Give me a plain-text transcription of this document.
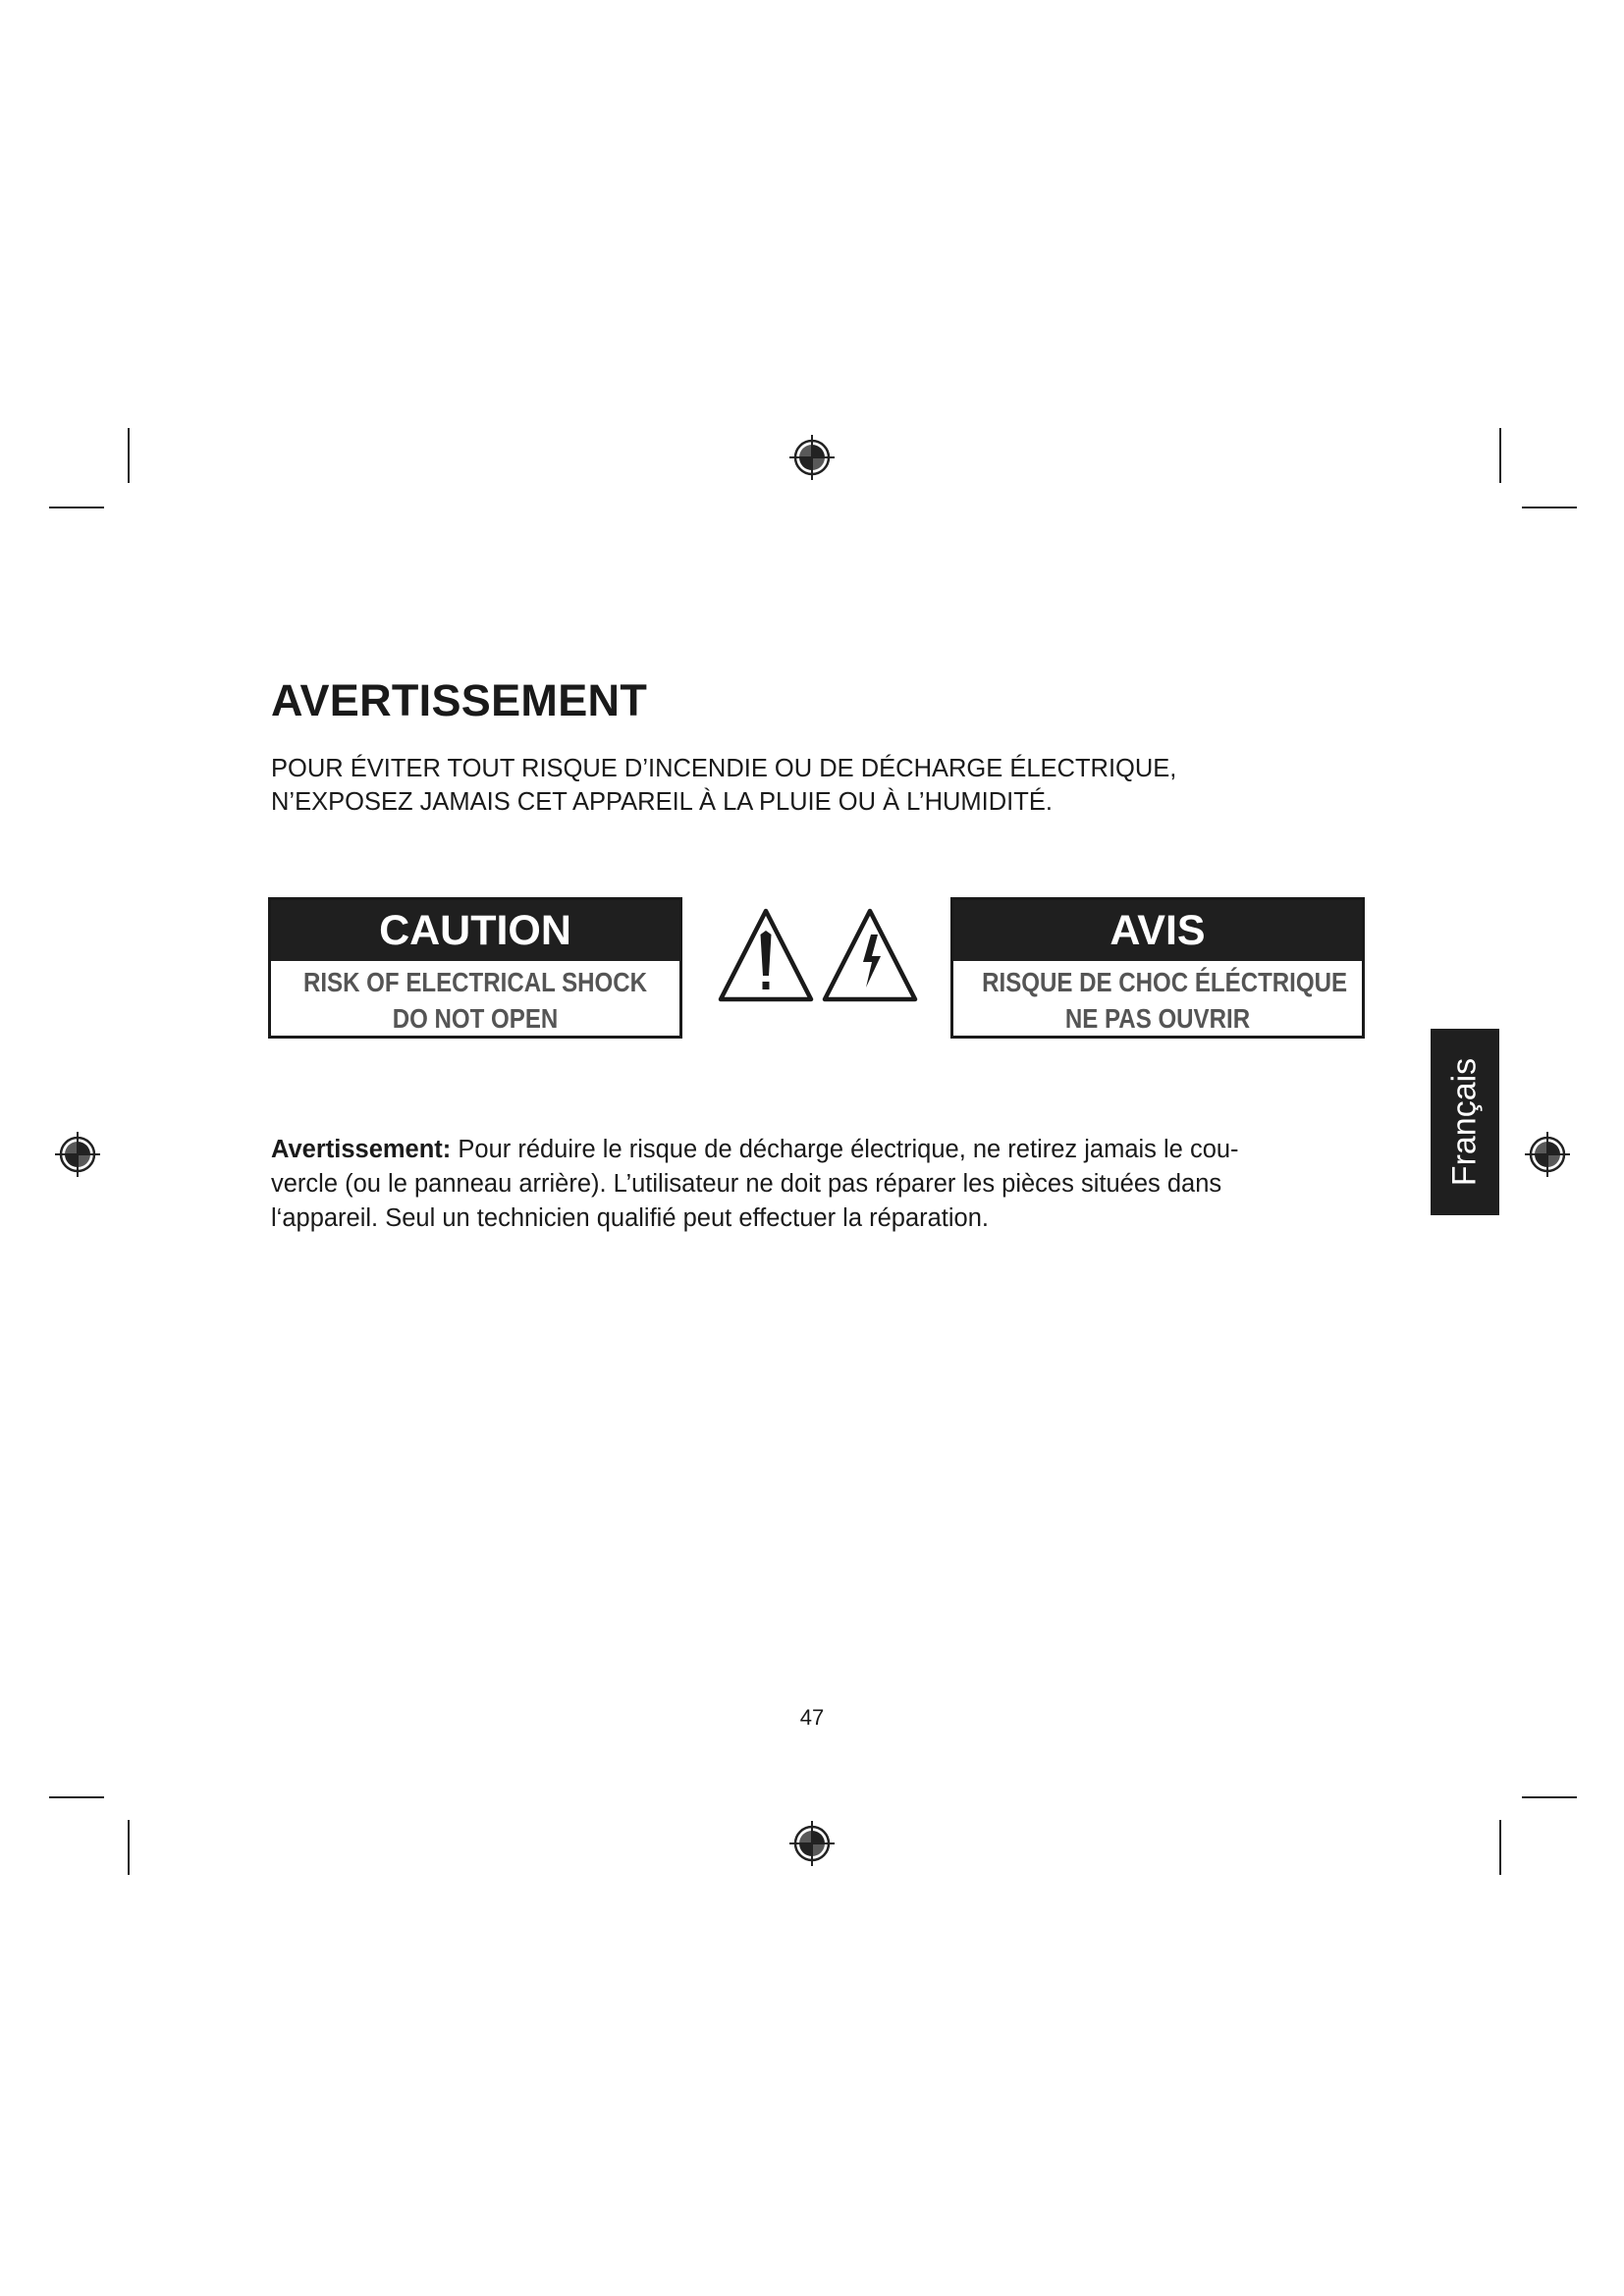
AVERTISSEMENT
POUR ÉVITER TOUT RISQUE D’INCENDIE OU DE DÉCHARGE ÉLECTRIQUE,
N’EXPOSEZ JAMAIS CET APPAREIL À LA PLUIE OU À L’HUMIDITÉ.
CAUTION
RISK OF ELECTRICAL SHOCK
DO NOT OPEN
AVIS
RISQUE DE CHOC ÉLÉCTRIQUE
NE PAS OUVRIR
Français
Avertissement: Pour réduire le risque de décharge électrique, ne retirez jamais le cou-
vercle (ou le panneau arrière). L’utilisateur ne doit pas réparer les pièces situées dans
l‘appareil. Seul un technicien qualifié peut effectuer la réparation.
47
